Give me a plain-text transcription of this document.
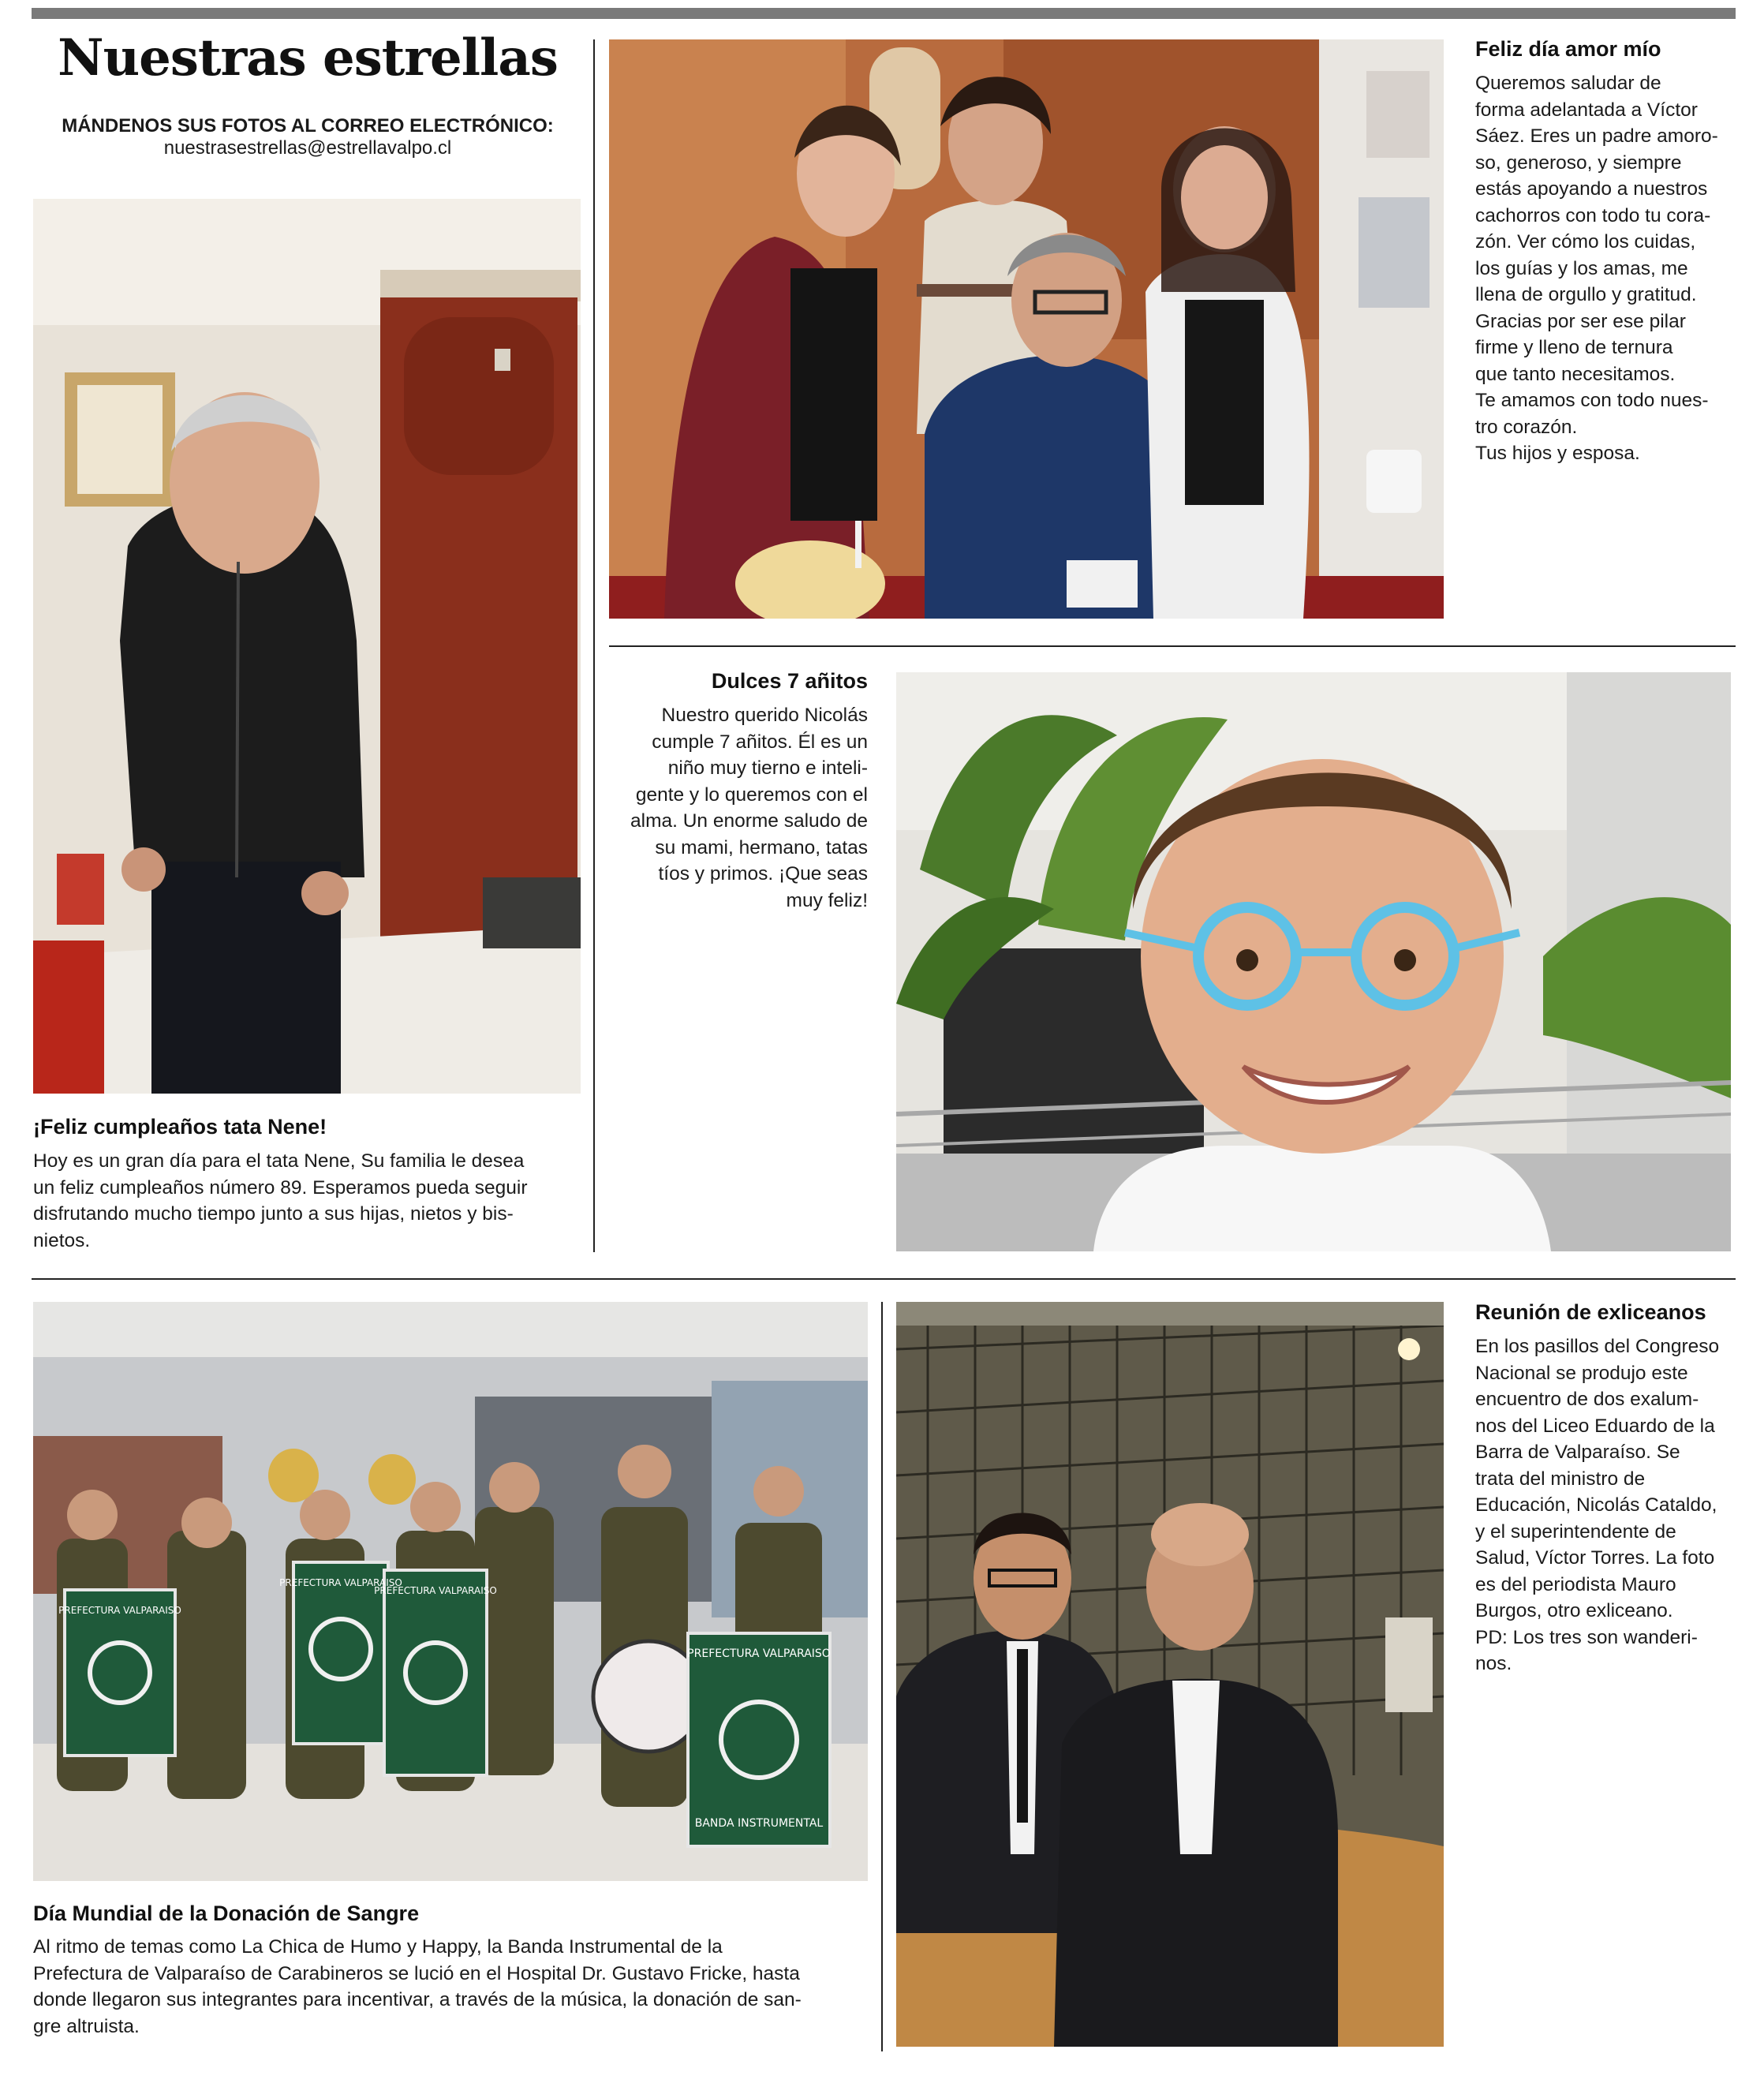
Nuestras estrellas
MÁNDENOS SUS FOTOS AL CORREO ELECTRÓNICO:
nuestrasestrellas@estrellavalpo.cl
¡Feliz cumpleaños tata Nene!
Hoy es un gran día para el tata Nene, Su familia le desea
un feliz cumpleaños número 89. Esperamos pueda seguir
disfrutando mucho tiempo junto a sus hijas, nietos y bis-
nietos.
Feliz día amor mío
Queremos saludar de
forma adelantada a Víctor
Sáez. Eres un padre amoro-
so, generoso, y siempre
estás apoyando a nuestros
cachorros con todo tu cora-
zón. Ver cómo los cuidas,
los guías y los amas, me
llena de orgullo y gratitud.
Gracias por ser ese pilar
firme y lleno de ternura
que tanto necesitamos.
Te amamos con todo nues-
tro corazón.
Tus hijos y esposa.
Dulces 7 añitos
Nuestro querido Nicolás
cumple 7 añitos. Él es un
niño muy tierno e inteli-
gente y lo queremos con el
alma. Un enorme saludo de
su mami, hermano, tatas
tíos y primos. ¡Que seas
muy feliz!
PREFECTURA VALPARAISO
PREFECTURA VALPARAISO
PREFECTURA VALPARAISO
PREFECTURA VALPARAISO
BANDA INSTRUMENTAL
Día Mundial de la Donación de Sangre
Al ritmo de temas como La Chica de Humo y Happy, la Banda Instrumental de la
Prefectura de Valparaíso de Carabineros se lució en el Hospital Dr. Gustavo Fricke, hasta
donde llegaron sus integrantes para incentivar, a través de la música, la donación de san-
gre altruista.
Reunión de exliceanos
En los pasillos del Congreso
Nacional se produjo este
encuentro de dos exalum-
nos del Liceo Eduardo de la
Barra de Valparaíso. Se
trata del ministro de
Educación, Nicolás Cataldo,
y el superintendente de
Salud, Víctor Torres. La foto
es del periodista Mauro
Burgos, otro exliceano.
PD: Los tres son wanderi-
nos.
